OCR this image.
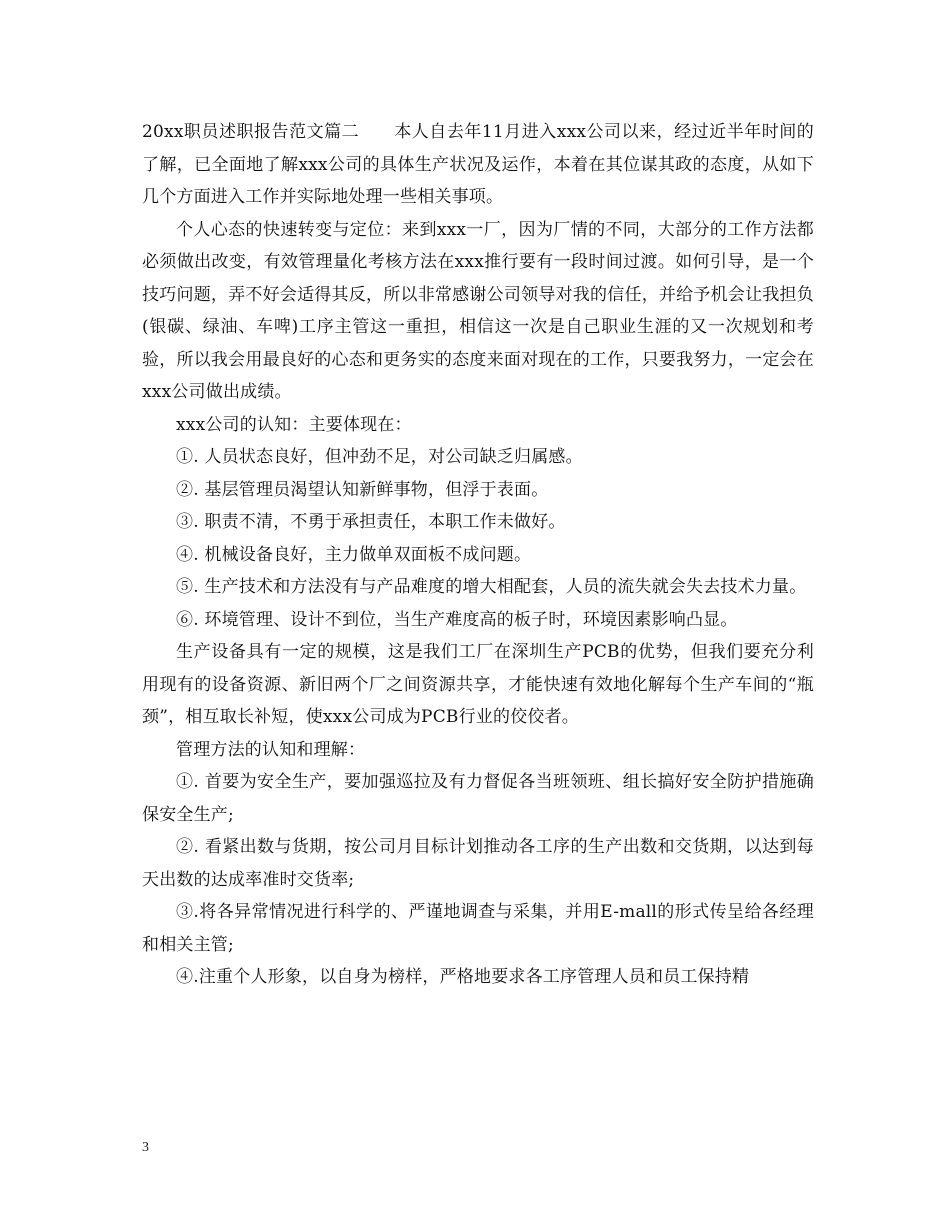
20xx职员述职报告范文篇二　　本人自去年11月进入xxx公司以来，经过近半年时间的了解，已全面地了解xxx公司的具体生产状况及运作，本着在其位谋其政的态度，从如下几个方面进入工作并实际地处理一些相关事项。

个人心态的快速转变与定位：来到xxx一厂，因为厂情的不同，大部分的工作方法都必须做出改变，有效管理量化考核方法在xxx推行要有一段时间过渡。如何引导，是一个技巧问题，弄不好会适得其反，所以非常感谢公司领导对我的信任，并给予机会让我担负(银碳、绿油、车啤)工序主管这一重担，相信这一次是自己职业生涯的又一次规划和考验，所以我会用最良好的心态和更务实的态度来面对现在的工作，只要我努力，一定会在xxx公司做出成绩。

xxx公司的认知：主要体现在：

①. 人员状态良好，但冲劲不足，对公司缺乏归属感。

②. 基层管理员渴望认知新鲜事物，但浮于表面。

③. 职责不清，不勇于承担责任，本职工作未做好。

④. 机械设备良好，主力做单双面板不成问题。

⑤. 生产技术和方法没有与产品难度的增大相配套，人员的流失就会失去技术力量。

⑥. 环境管理、设计不到位，当生产难度高的板子时，环境因素影响凸显。

生产设备具有一定的规模，这是我们工厂在深圳生产PCB的优势，但我们要充分利用现有的设备资源、新旧两个厂之间资源共享，才能快速有效地化解每个生产车间的“瓶颈”，相互取长补短，使xxx公司成为PCB行业的佼佼者。

管理方法的认知和理解：

①. 首要为安全生产，要加强巡拉及有力督促各当班领班、组长搞好安全防护措施确保安全生产;

②. 看紧出数与货期，按公司月目标计划推动各工序的生产出数和交货期，以达到每天出数的达成率准时交货率;

③.将各异常情况进行科学的、严谨地调查与采集，并用E-mall的形式传呈给各经理和相关主管;

④.注重个人形象，以自身为榜样，严格地要求各工序管理人员和员工保持精

3
